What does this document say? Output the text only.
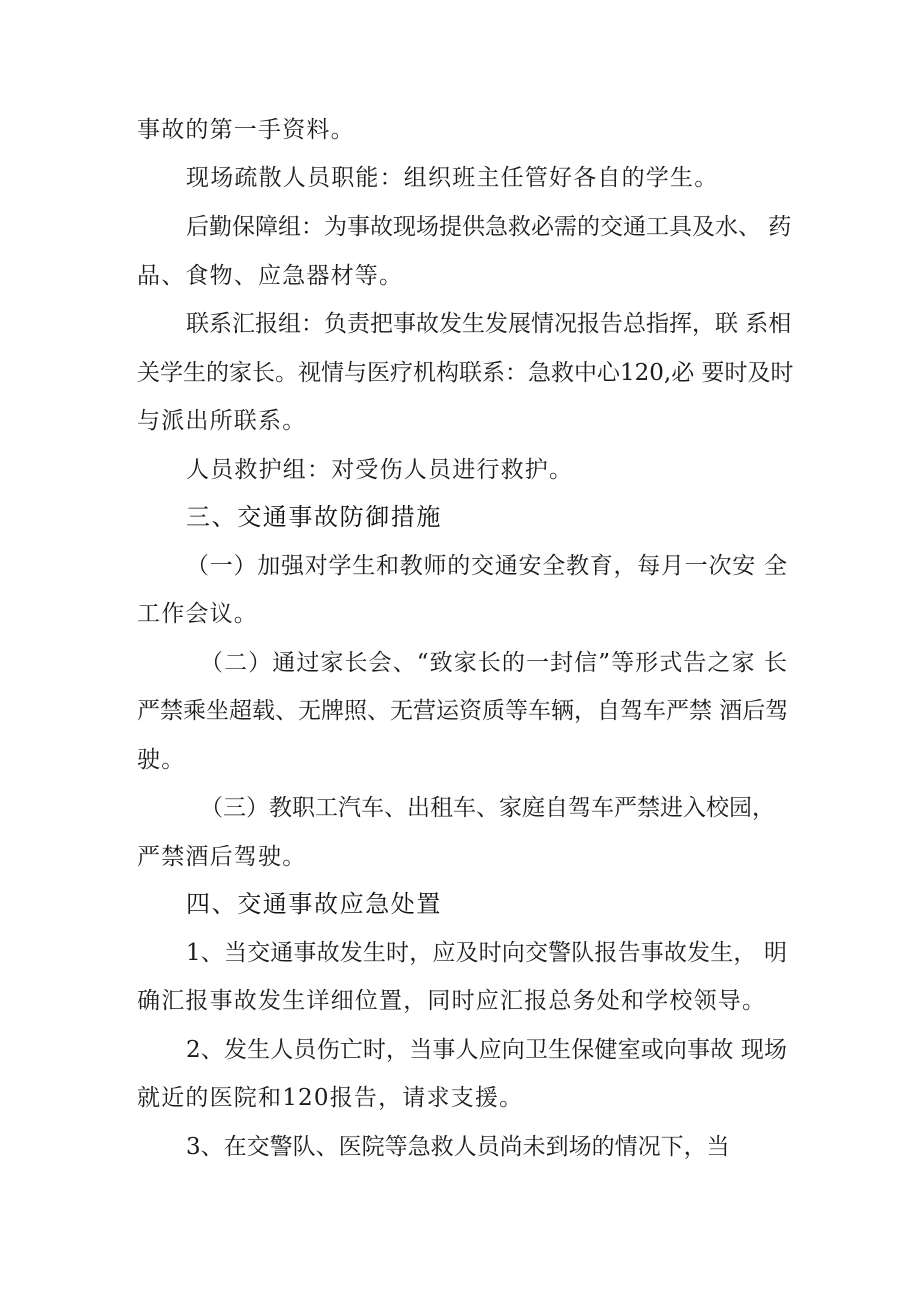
事故的第一手资料。
现场疏散人员职能：组织班主任管好各自的学生。
后勤保障组：为事故现场提供急救必需的交通工具及水、 药
品、食物、应急器材等。
联系汇报组：负责把事故发生发展情况报告总指挥，联 系相
关学生的家长。视情与医疗机构联系：急救中心120,必 要时及时
与派出所联系。
人员救护组：对受伤人员进行救护。
三、交通事故防御措施
（一）加强对学生和教师的交通安全教育，每月一次安 全
工作会议。
（二）通过家长会、“致家长的一封信”等形式告之家 长
严禁乘坐超载、无牌照、无营运资质等车辆，自驾车严禁 酒后驾
驶。
（三）教职工汽车、出租车、家庭自驾车严禁进入校园，
严禁酒后驾驶。
四、交通事故应急处置
1、当交通事故发生时，应及时向交警队报告事故发生， 明
确汇报事故发生详细位置，同时应汇报总务处和学校领导。
2、发生人员伤亡时，当事人应向卫生保健室或向事故 现场
就近的医院和120报告，请求支援。
3、在交警队、医院等急救人员尚未到场的情况下，当
